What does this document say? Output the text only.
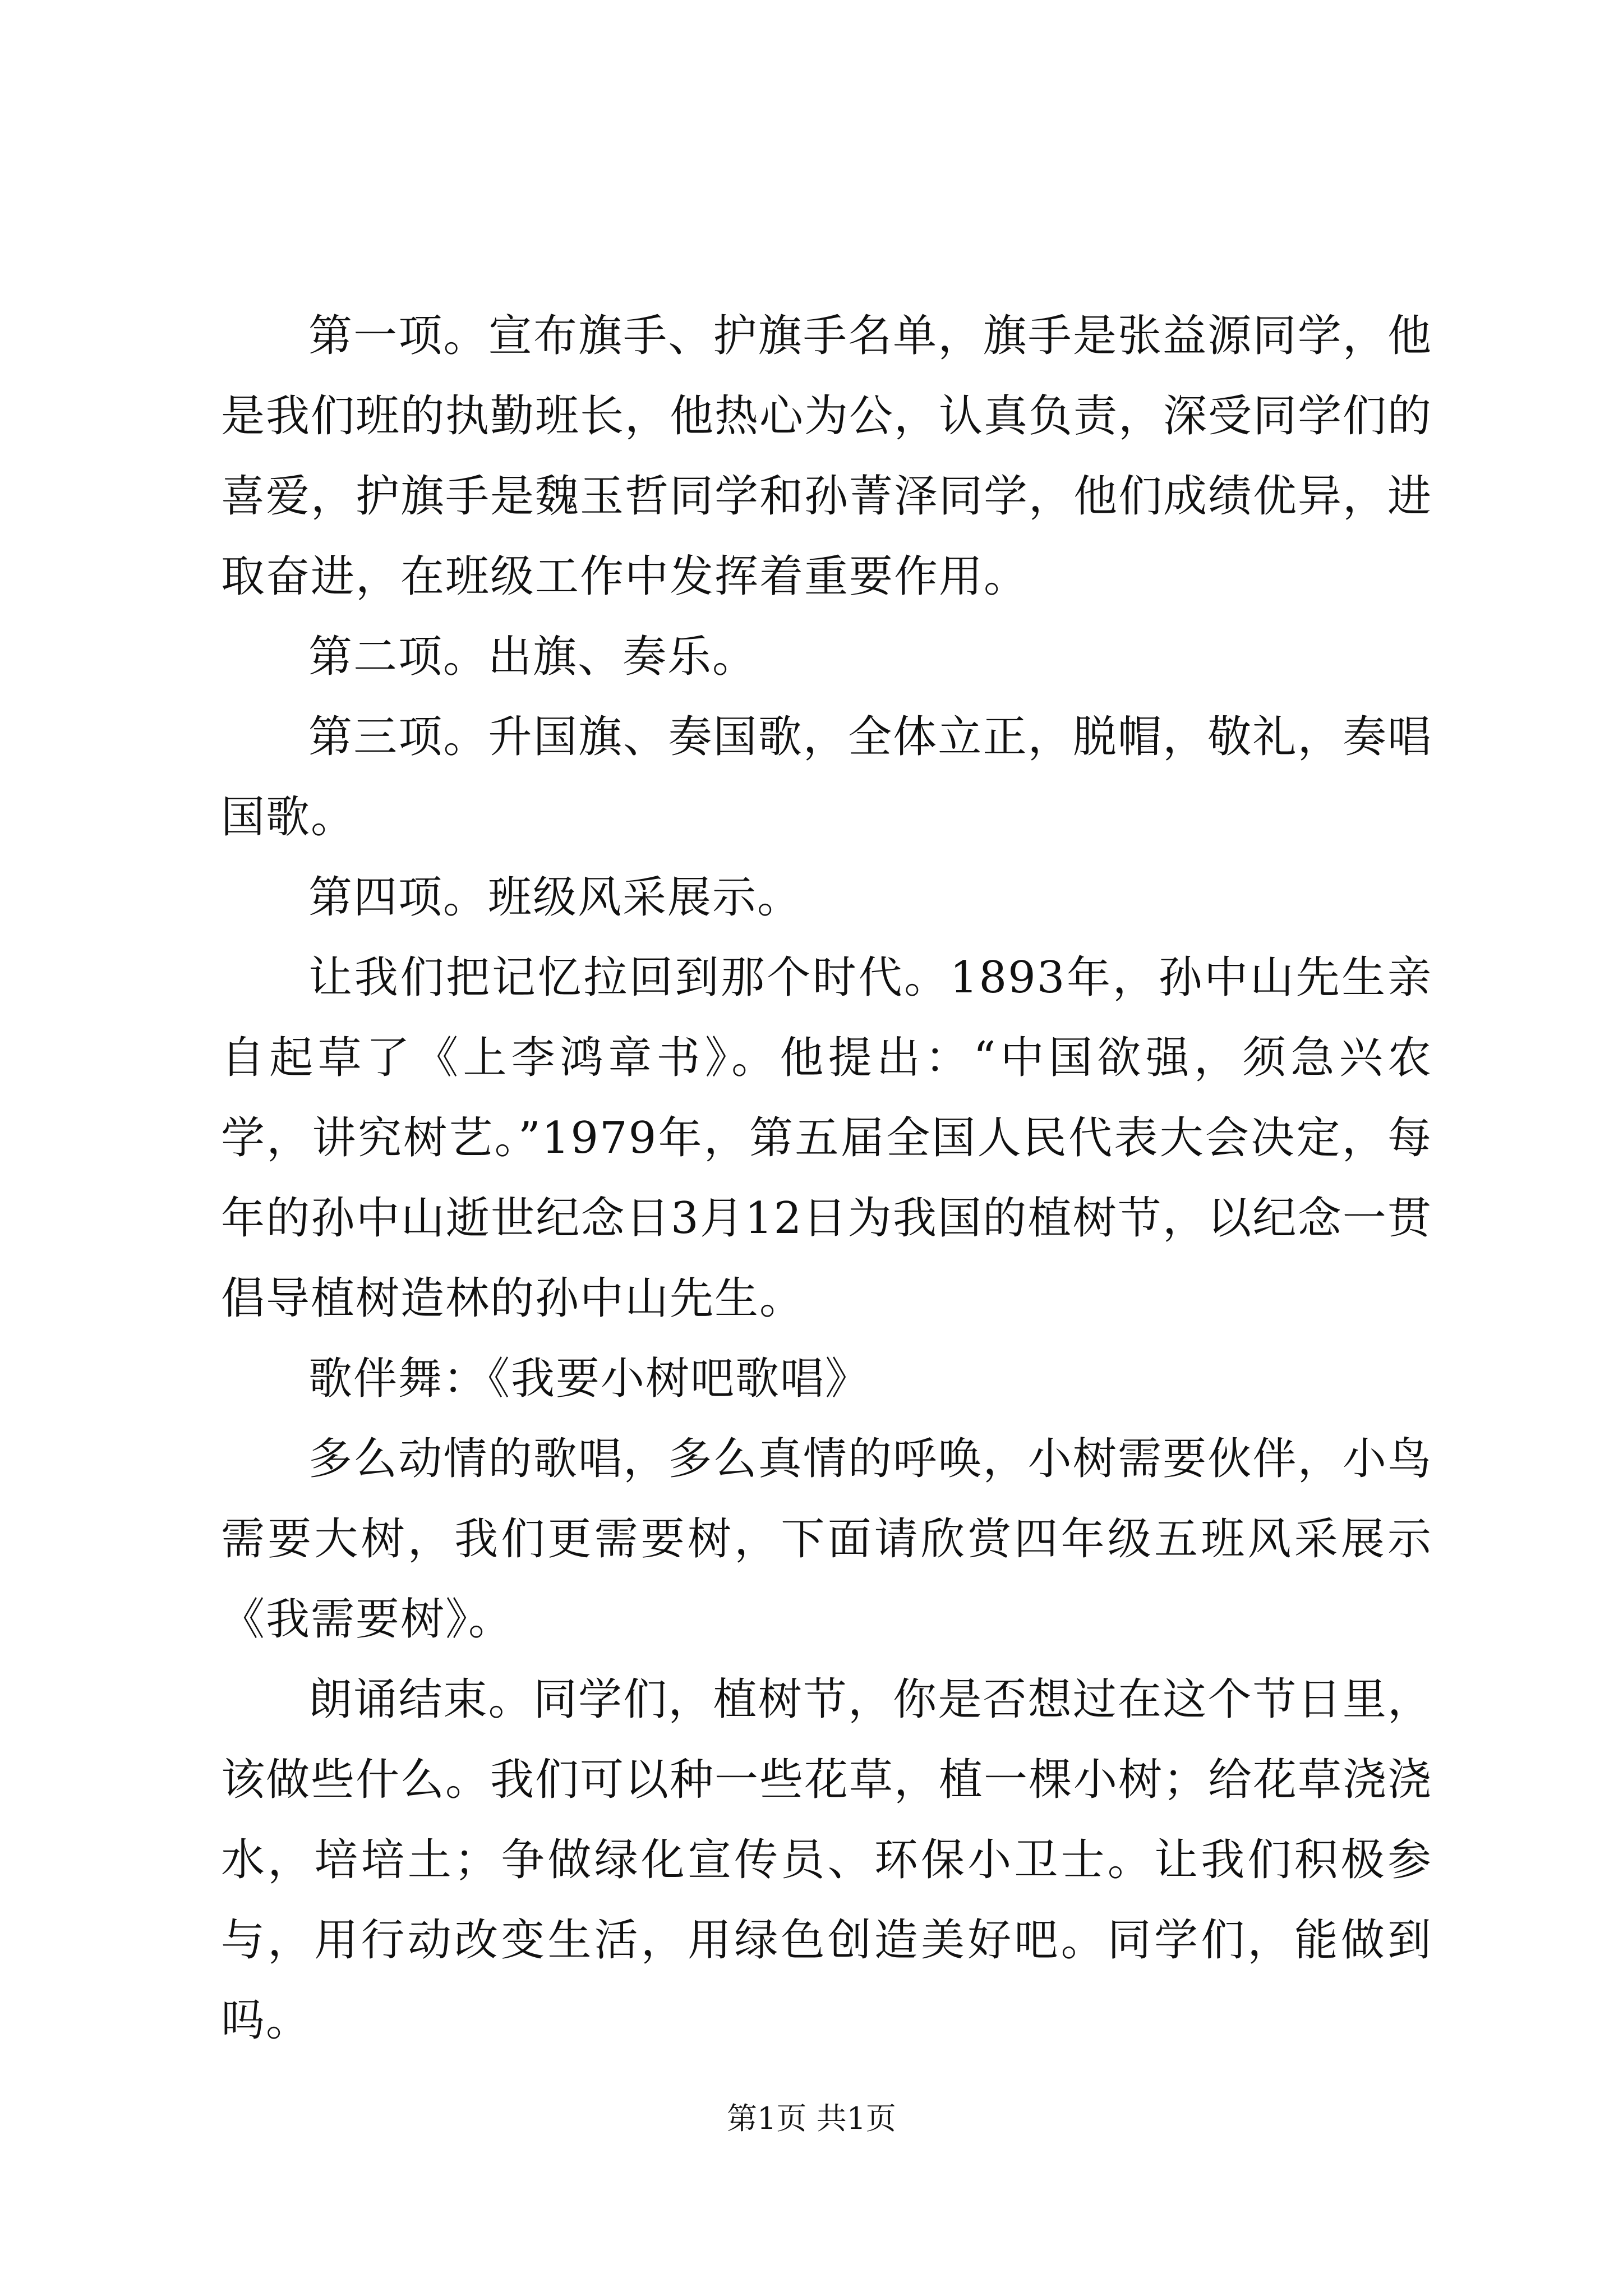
第一项。宣布旗手、护旗手名单，旗手是张益源同学，他是我们班的执勤班长，他热心为公，认真负责，深受同学们的喜爱，护旗手是魏玉哲同学和孙菁泽同学，他们成绩优异，进取奋进，在班级工作中发挥着重要作用。

第二项。出旗、奏乐。

第三项。升国旗、奏国歌，全体立正，脱帽，敬礼，奏唱国歌。

第四项。班级风采展示。

让我们把记忆拉回到那个时代。1893年，孙中山先生亲自起草了《上李鸿章书》。他提出：“中国欲强，须急兴农学，讲究树艺。”1979年，第五届全国人民代表大会决定，每年的孙中山逝世纪念日3月12日为我国的植树节，以纪念一贯倡导植树造林的孙中山先生。

歌伴舞：《我要小树吧歌唱》

多么动情的歌唱，多么真情的呼唤，小树需要伙伴，小鸟需要大树，我们更需要树，下面请欣赏四年级五班风采展示《我需要树》。

朗诵结束。同学们，植树节，你是否想过在这个节日里，该做些什么。我们可以种一些花草，植一棵小树；给花草浇浇水，培培土；争做绿化宣传员、环保小卫士。让我们积极参与，用行动改变生活，用绿色创造美好吧。同学们，能做到吗。

第1页 共1页
